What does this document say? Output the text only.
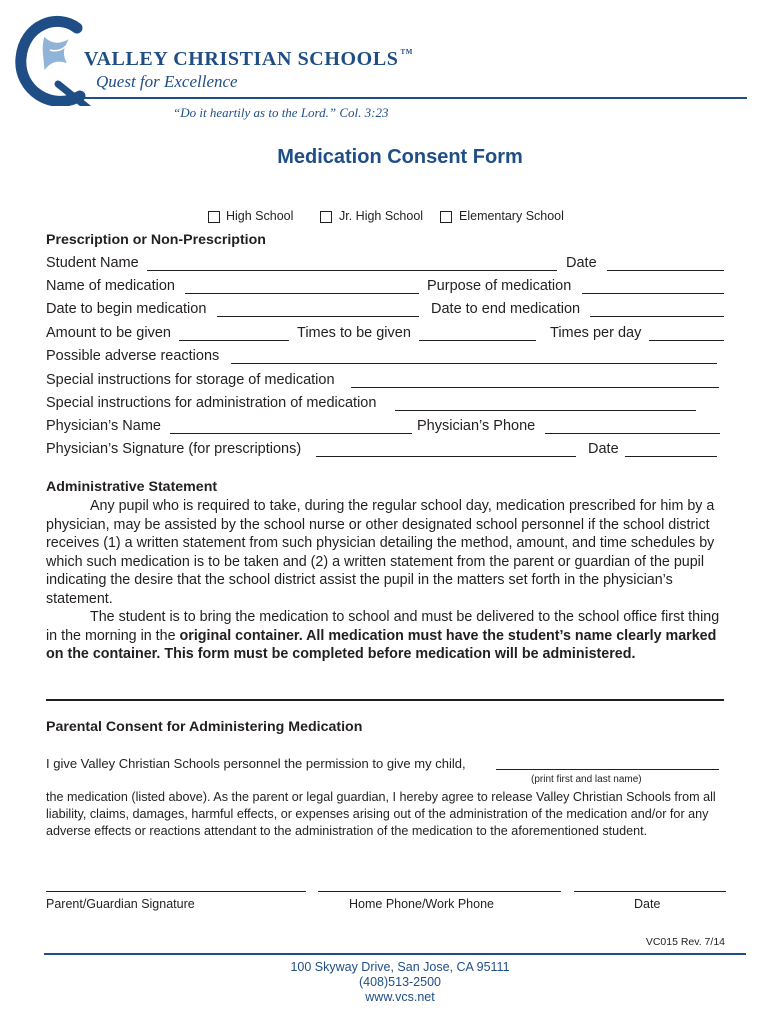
VALLEY CHRISTIAN SCHOOLS ™
Quest for Excellence
“Do it heartily as to the Lord.” Col. 3:23
Medication Consent Form
High School	Jr. High School	Elementary School
Prescription or Non-Prescription
Student Name	Date
Name of medication	Purpose of medication
Date to begin medication	Date to end medication
Amount to be given	Times to be given	Times per day
Possible adverse reactions
Special instructions for storage of medication
Special instructions for administration of medication
Physician’s Name	Physician’s Phone
Physician’s Signature (for prescriptions)	Date
Administrative Statement

Any pupil who is required to take, during the regular school day, medication prescribed for him by a physician, may be assisted by the school nurse or other designated school personnel if the school district receives (1) a written statement from such physician detailing the method, amount, and time schedules by which such medication is to be taken and (2) a written statement from the parent or guardian of the pupil indicating the desire that the school district assist the pupil in the matters set forth in the physician’s statement.

The student is to bring the medication to school and must be delivered to the school office first thing in the morning in the original container. All medication must have the student’s name clearly marked on the container. This form must be completed before medication will be administered.

Parental Consent for Administering Medication
I give Valley Christian Schools personnel the permission to give my child,
(print first and last name)
the medication (listed above). As the parent or legal guardian, I hereby agree to release Valley Christian Schools from all liability, claims, damages, harmful effects, or expenses arising out of the administration of the medication and/or for any adverse effects or reactions attendant to the administration of the medication to the aforementioned student.
Parent/Guardian Signature	Home Phone/Work Phone	Date
VC015 Rev. 7/14
100 Skyway Drive, San Jose, CA 95111
(408)513-2500
www.vcs.net
